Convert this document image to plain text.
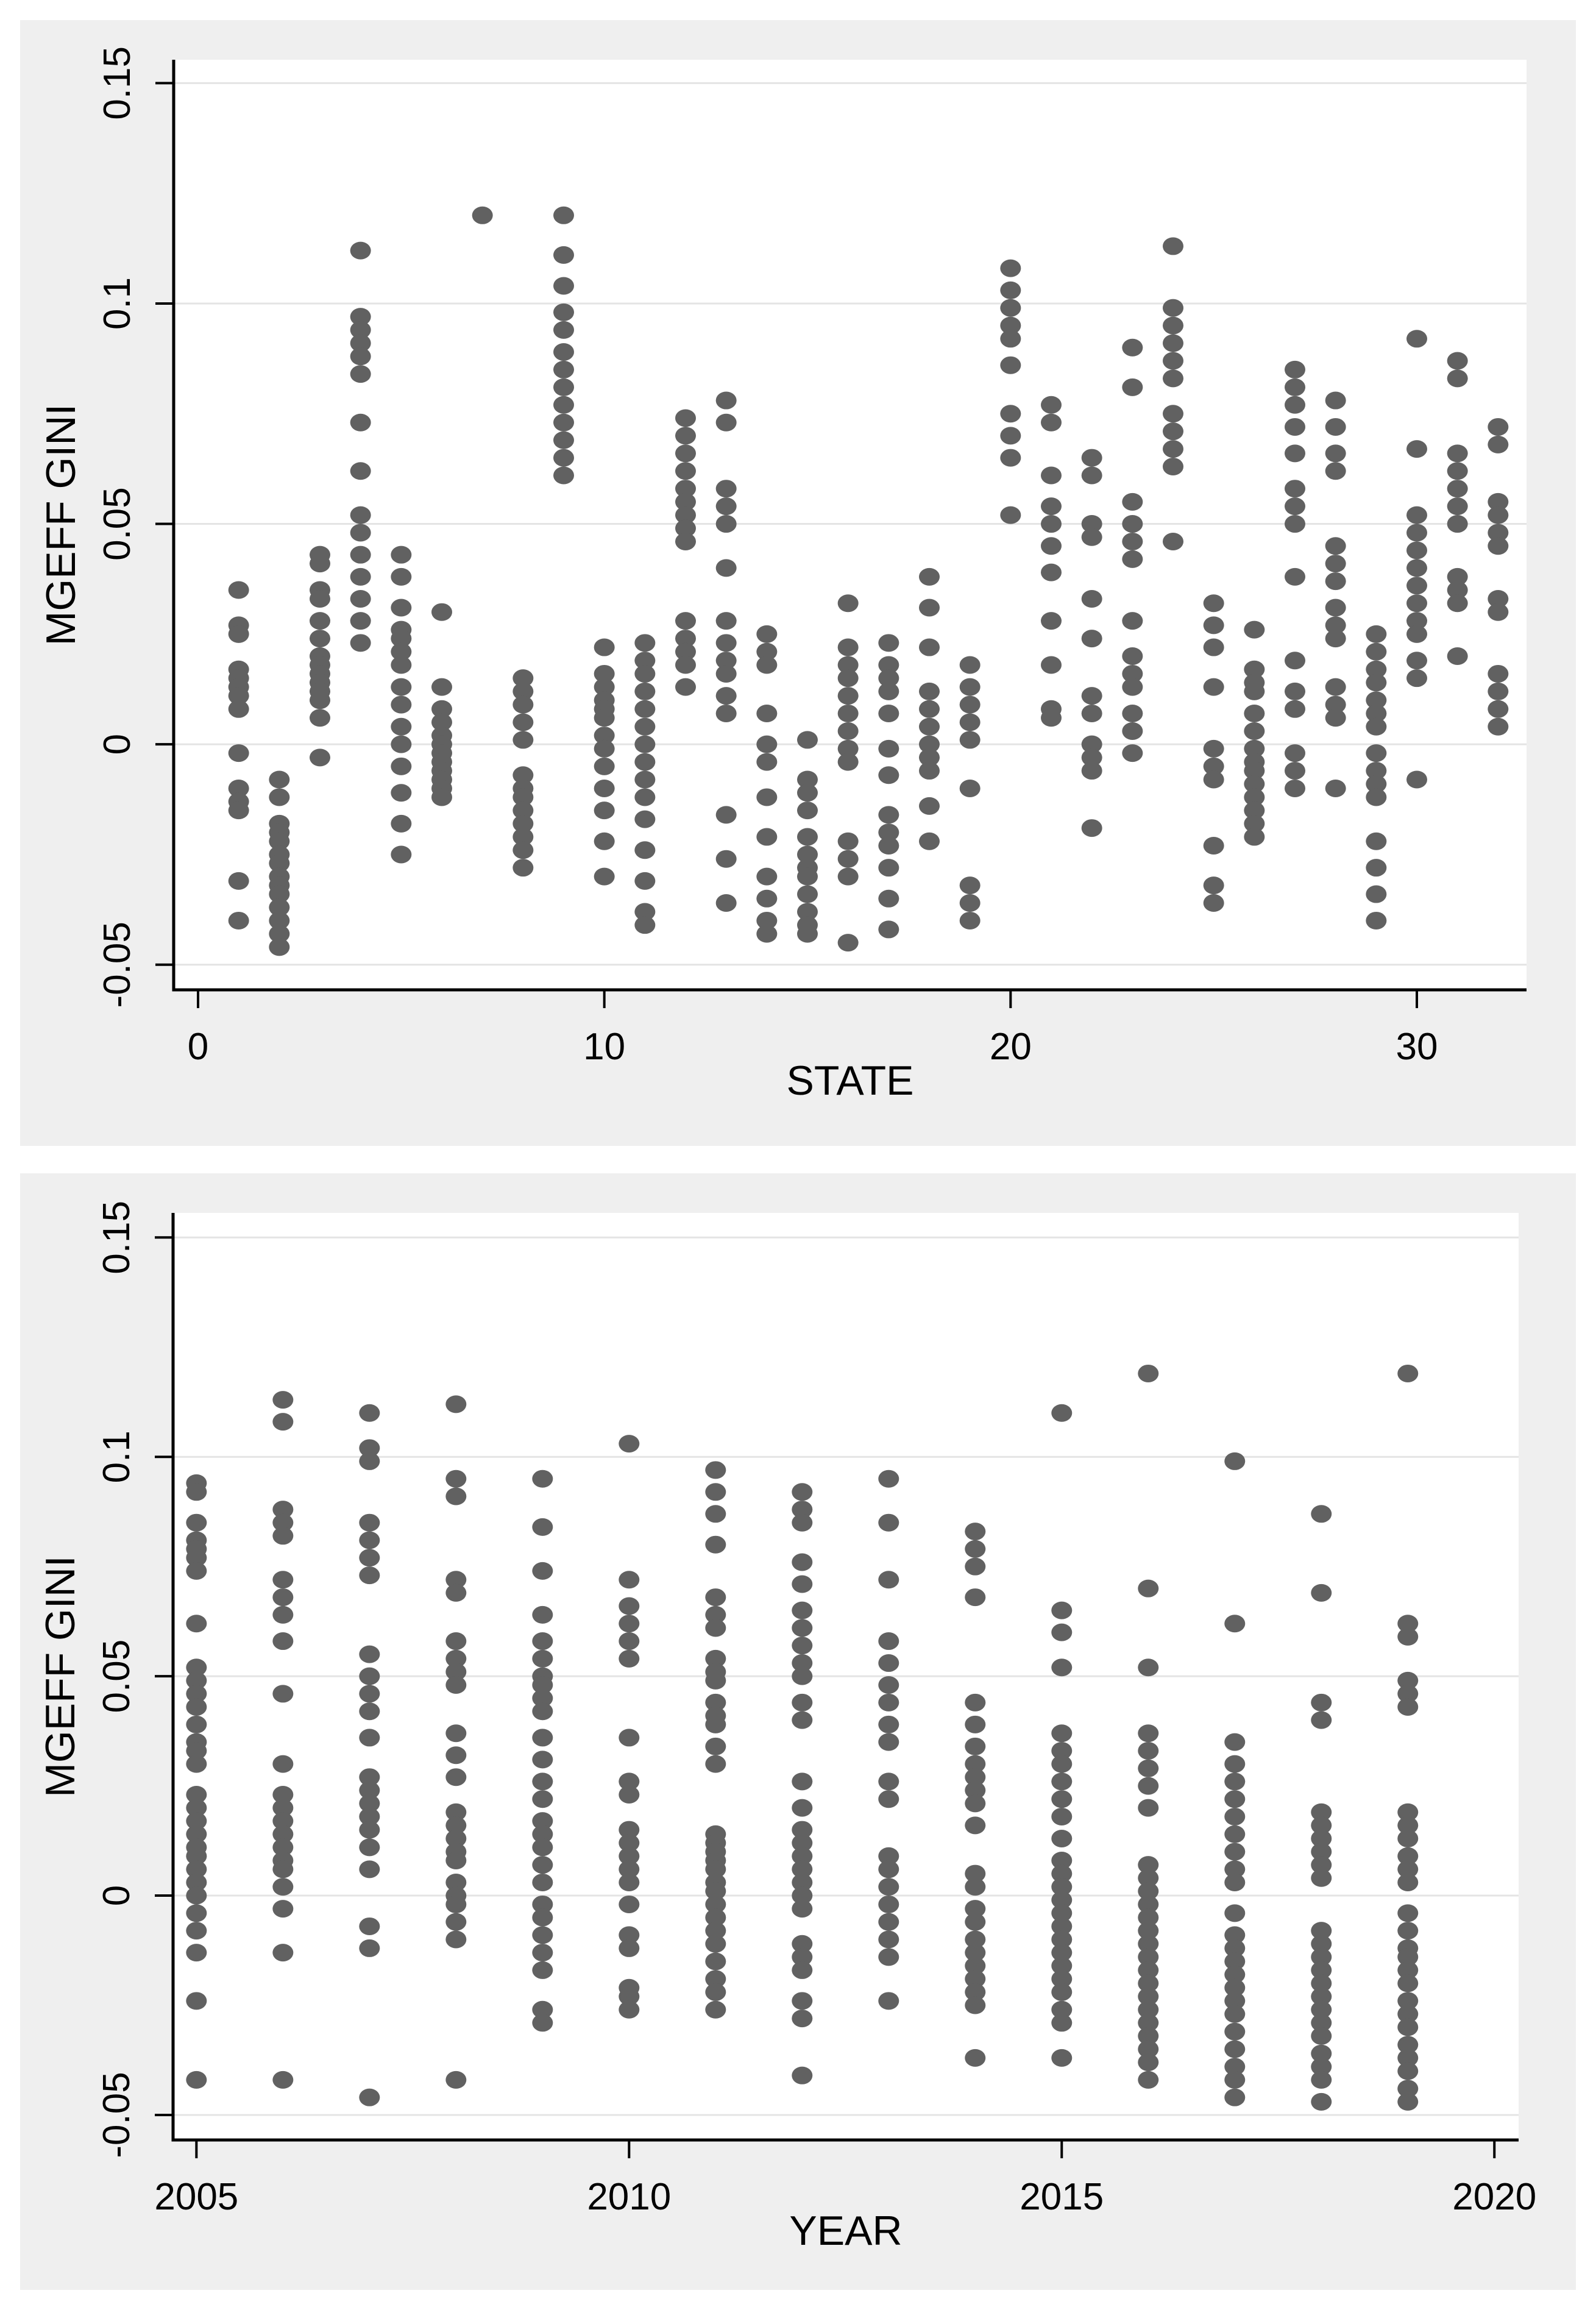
-0.05
0
0.05
0.1
0.15
0	10	20	30
STATE
MGEFF GINI
-0.05
0
0.05
0.1
0.15
2005	2010	2015	2020
YEAR
MGEFF GINI
